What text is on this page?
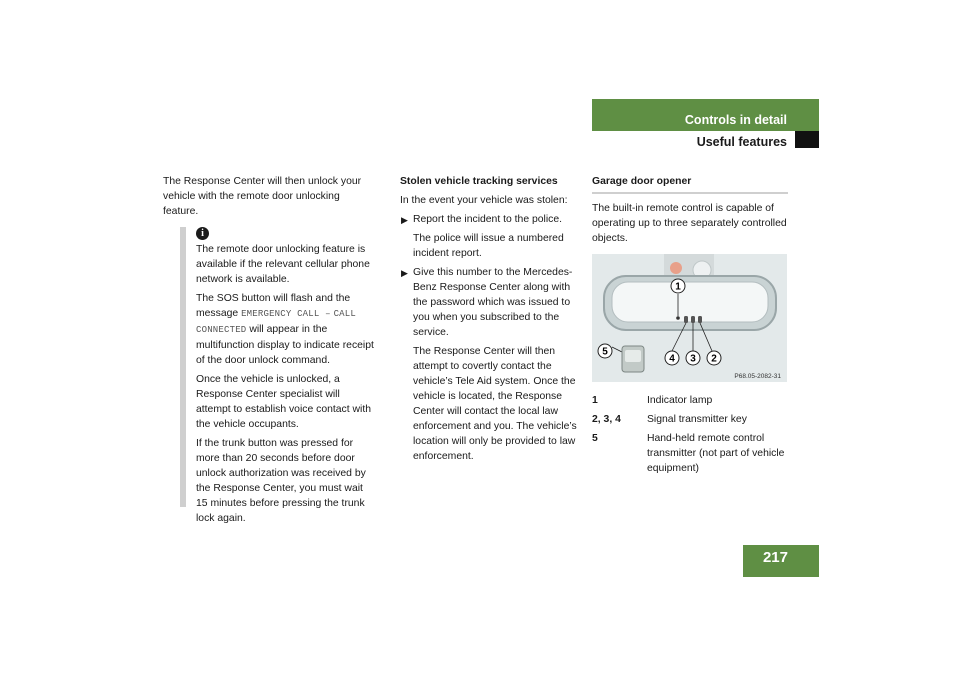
Controls in detail
Useful features

The Response Center will then unlock your vehicle with the remote door unlocking feature.

i

The remote door unlocking feature is available if the relevant cellular phone network is available.

The SOS button will flash and the message EMERGENCY CALL – CALL CONNECTED will appear in the multifunction display to indicate receipt of the door unlock command.

Once the vehicle is unlocked, a Response Center specialist will attempt to establish voice contact with the vehicle occupants.

If the trunk button was pressed for more than 20 seconds before door unlock authorization was received by the Response Center, you must wait 15 minutes before pressing the trunk lock again.

Stolen vehicle tracking services

In the event your vehicle was stolen:

▶ Report the incident to the police.
The police will issue a numbered incident report.
▶ Give this number to the Mercedes-Benz Response Center along with the password which was issued to you when you subscribed to the service.
The Response Center will then attempt to covertly contact the vehicle’s Tele Aid system. Once the vehicle is located, the Response Center will contact the local law enforcement and you. The vehicle’s location will only be provided to law enforcement.

Garage door opener

The built-in remote control is capable of operating up to three separately controlled objects.

1
4 3 2
5
P68.05-2082-31
1	Indicator lamp
2, 3, 4	Signal transmitter key
5	Hand-held remote control transmitter (not part of vehicle equipment)
217
